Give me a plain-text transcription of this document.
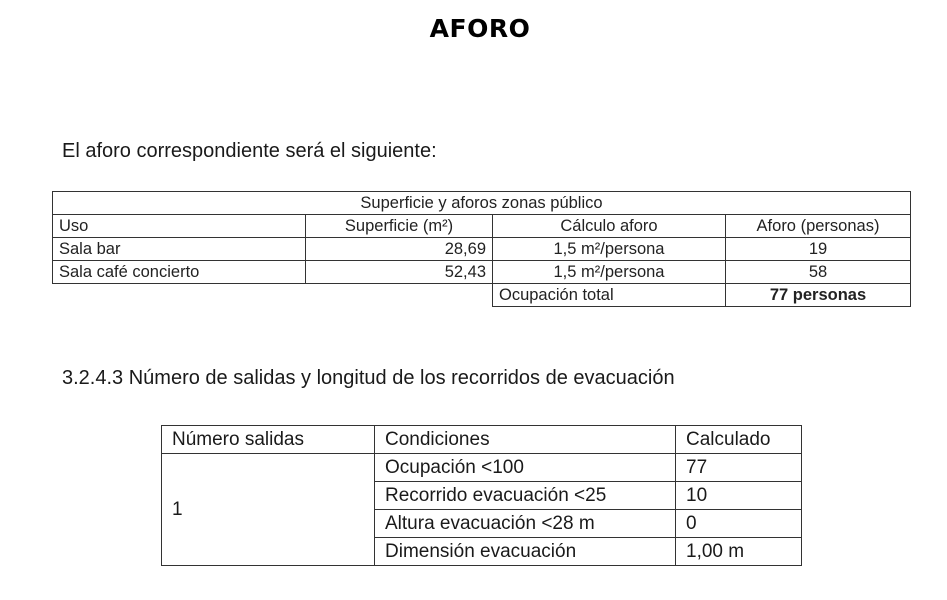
AFORO
El aforo correspondiente será el siguiente:
Superficie y aforos zonas público			
Uso	Superficie (m²)	Cálculo aforo	Aforo (personas)
Sala bar	28,69	1,5 m²/persona	19
Sala café concierto	52,43	1,5 m²/persona	58
		Ocupación total	77 personas
3.2.4.3 Número de salidas y longitud de los recorridos de evacuación
Número salidas	Condiciones	Calculado
1	Ocupación <100	77
	Recorrido evacuación <25	10
	Altura evacuación <28 m	0
	Dimensión evacuación	1,00 m
